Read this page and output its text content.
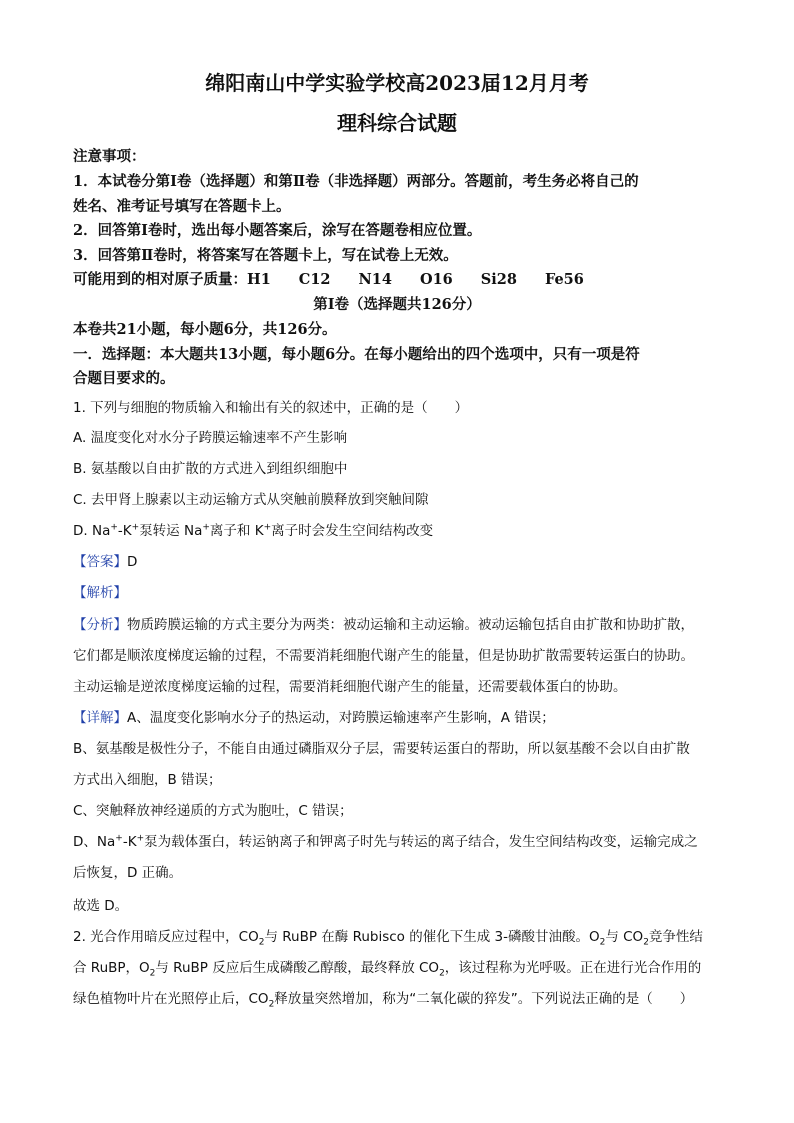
绵阳南山中学实验学校高2023届12月月考
理科综合试题
注意事项：
1．本试卷分第Ⅰ卷（选择题）和第Ⅱ卷（非选择题）两部分。答题前，考生务必将自己的
姓名、准考证号填写在答题卡上。
2．回答第Ⅰ卷时，选出每小题答案后，涂写在答题卷相应位置。
3．回答第Ⅱ卷时，将答案写在答题卡上，写在试卷上无效。
可能用到的相对原子质量：H1 C12 N14 O16 Si28 Fe56
第Ⅰ卷（选择题共126分）
本卷共21小题，每小题6分，共126分。
一．选择题：本大题共13小题，每小题6分。在每小题给出的四个选项中，只有一项是符
合题目要求的。
1. 下列与细胞的物质输入和输出有关的叙述中，正确的是（　　）
A. 温度变化对水分子跨膜运输速率不产生影响
B. 氨基酸以自由扩散的方式进入到组织细胞中
C. 去甲肾上腺素以主动运输方式从突触前膜释放到突触间隙
D. Na+-K+泵转运 Na+离子和 K+离子时会发生空间结构改变
【答案】D
【解析】
【分析】物质跨膜运输的方式主要分为两类：被动运输和主动运输。被动运输包括自由扩散和协助扩散，
它们都是顺浓度梯度运输的过程，不需要消耗细胞代谢产生的能量，但是协助扩散需要转运蛋白的协助。
主动运输是逆浓度梯度运输的过程，需要消耗细胞代谢产生的能量，还需要载体蛋白的协助。
【详解】A、温度变化影响水分子的热运动，对跨膜运输速率产生影响，A 错误；
B、氨基酸是极性分子，不能自由通过磷脂双分子层，需要转运蛋白的帮助，所以氨基酸不会以自由扩散
方式出入细胞，B 错误；
C、突触释放神经递质的方式为胞吐，C 错误；
D、Na+-K+泵为载体蛋白，转运钠离子和钾离子时先与转运的离子结合，发生空间结构改变，运输完成之
后恢复，D 正确。
故选 D。
2. 光合作用暗反应过程中，$CO_2$与 RuBP 在酶 Rubisco 的催化下生成 3-磷酸甘油酸。$O_2$与 $CO_2$竞争性结
合 RuBP，$O_2$与 RuBP 反应后生成磷酸乙醇酸，最终释放 $CO_2$，该过程称为光呼吸。正在进行光合作用的
绿色植物叶片在光照停止后，$CO_2$释放量突然增加，称为“二氧化碳的猝发”。下列说法正确的是（　　）
